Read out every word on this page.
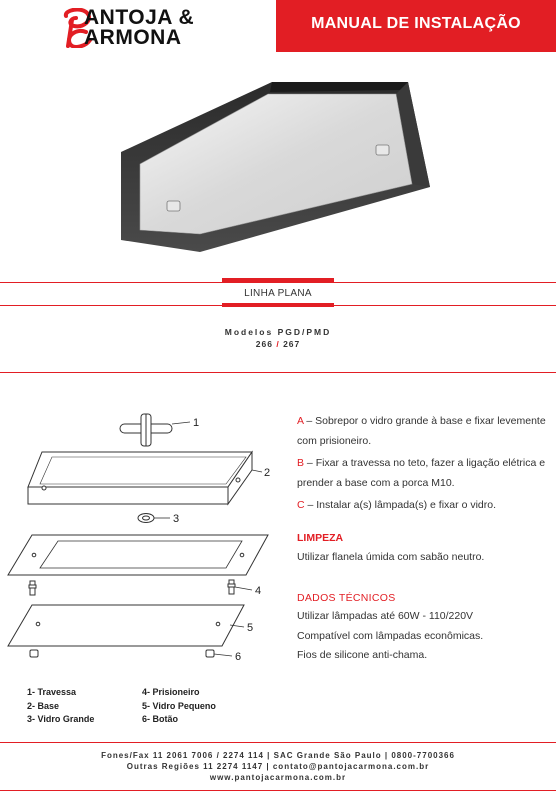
ANTOJA &
ARMONA
MANUAL DE INSTALAÇÃO
LINHA PLANA
Modelos PGD/PMD
266 / 267
1
2
3
4
5
6
A – Sobrepor o vidro grande à base e fixar levemente com prisioneiro.
B – Fixar a travessa no teto, fazer a ligação elétrica e prender a base com a porca M10.
C – Instalar a(s) lâmpada(s) e fixar o vidro.
LIMPEZA
Utilizar flanela úmida com sabão neutro.
DADOS TÉCNICOS
Utilizar lâmpadas até 60W - 110/220V
Compatível com lâmpadas econômicas.
Fios de silicone anti-chama.
1- Travessa
2- Base
3- Vidro Grande
4- Prisioneiro
5- Vidro Pequeno
6- Botão
Fones/Fax 11 2061 7006 / 2274 114 | SAC Grande São Paulo | 0800-7700366
Outras Regiões 11 2274 1147 | contato@pantojacarmona.com.br
www.pantojacarmona.com.br
